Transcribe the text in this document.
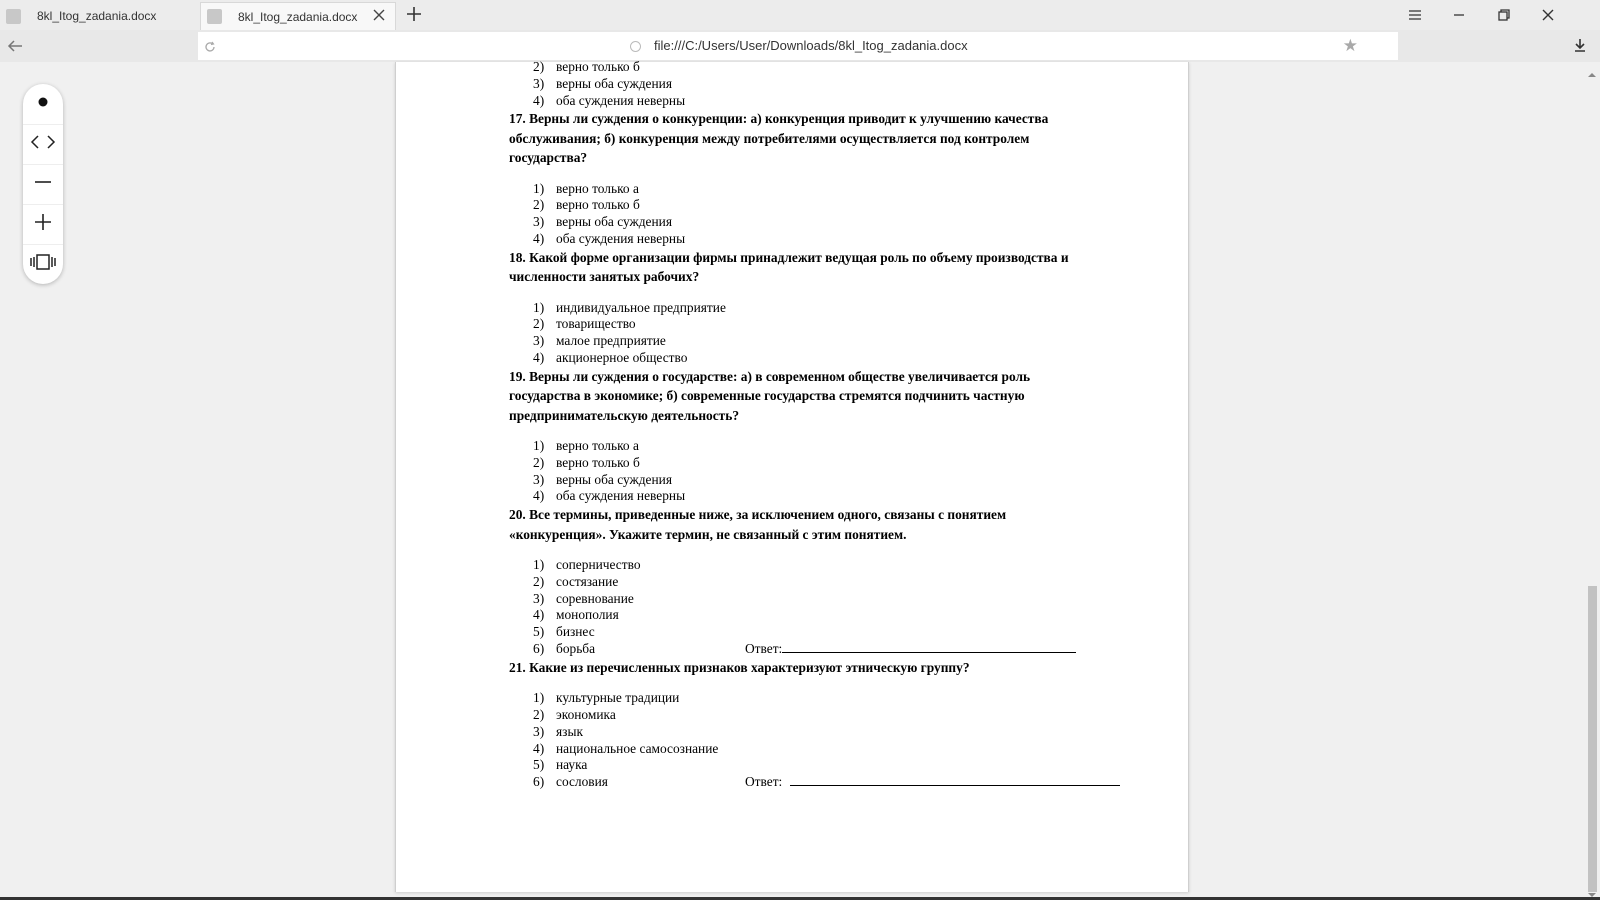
8kl_Itog_zadania.docx	8kl_Itog_zadania.docx
file:///C:/Users/User/Downloads/8kl_Itog_zadania.docx	★
2) верно только б
3) верны оба суждения
4) оба суждения неверны
17. Верны ли суждения о конкуренции: а) конкуренция приводит к улучшению качества
обслуживания; б) конкуренция между потребителями осуществляется под контролем
государства?
1) верно только а
2) верно только б
3) верны оба суждения
4) оба суждения неверны
18. Какой форме организации фирмы принадлежит ведущая роль по объему производства и
численности занятых рабочих?
1) индивидуальное предприятие
2) товарищество
3) малое предприятие
4) акционерное общество
19. Верны ли суждения о государстве: а) в современном обществе увеличивается роль
государства в экономике; б) современные государства стремятся подчинить частную
предпринимательскую деятельность?
1) верно только а
2) верно только б
3) верны оба суждения
4) оба суждения неверны
20. Все термины, приведенные ниже, за исключением одного, связаны с понятием
«конкуренция». Укажите термин, не связанный с этим понятием.
1) соперничество
2) состязание
3) соревнование
4) монополия
5) бизнес
6) борьба	Ответ:
21. Какие из перечисленных признаков характеризуют этническую группу?
1) культурные традиции
2) экономика
3) язык
4) национальное самосознание
5) наука
6) сословия	Ответ:
